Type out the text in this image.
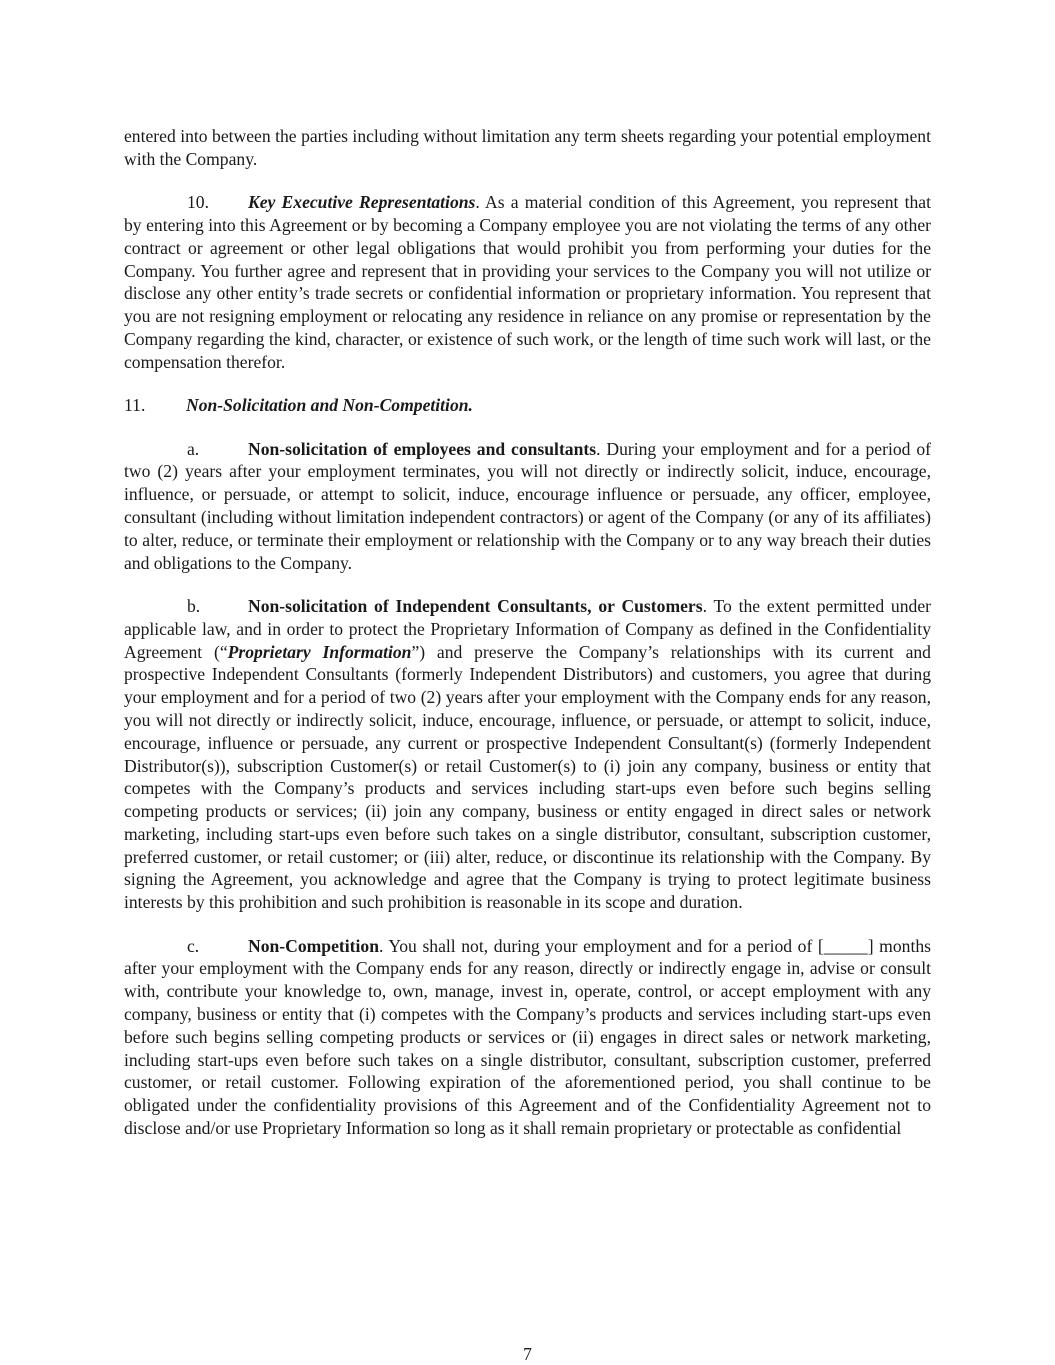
entered into between the parties including without limitation any term sheets regarding your potential employment with the Company.

10. Key Executive Representations. As a material condition of this Agreement, you represent that by entering into this Agreement or by becoming a Company employee you are not violating the terms of any other contract or agreement or other legal obligations that would prohibit you from performing your duties for the Company. You further agree and represent that in providing your services to the Company you will not utilize or disclose any other entity’s trade secrets or confidential information or proprietary information. You represent that you are not resigning employment or relocating any residence in reliance on any promise or representation by the Company regarding the kind, character, or existence of such work, or the length of time such work will last, or the compensation therefor.

11. Non-Solicitation and Non-Competition.

a.	Non-solicitation of employees and consultants. During your employment and for a period of two (2) years after your employment terminates, you will not directly or indirectly solicit, induce, encourage, influence, or persuade, or attempt to solicit, induce, encourage influence or persuade, any officer, employee, consultant (including without limitation independent contractors) or agent of the Company (or any of its affiliates) to alter, reduce, or terminate their employment or relationship with the Company or to any way breach their duties and obligations to the Company.

b.	Non-solicitation of Independent Consultants, or Customers. To the extent permitted under applicable law, and in order to protect the Proprietary Information of Company as defined in the Confidentiality Agreement (“Proprietary Information”) and preserve the Company’s relationships with its current and prospective Independent Consultants (formerly Independent Distributors) and customers, you agree that during your employment and for a period of two (2) years after your employment with the Company ends for any reason, you will not directly or indirectly solicit, induce, encourage, influence, or persuade, or attempt to solicit, induce, encourage, influence or persuade, any current or prospective Independent Consultant(s) (formerly Independent Distributor(s)), subscription Customer(s) or retail Customer(s) to (i) join any company, business or entity that competes with the Company’s products and services including start-ups even before such begins selling competing products or services; (ii) join any company, business or entity engaged in direct sales or network marketing, including start-ups even before such takes on a single distributor, consultant, subscription customer, preferred customer, or retail customer; or (iii) alter, reduce, or discontinue its relationship with the Company. By signing the Agreement, you acknowledge and agree that the Company is trying to protect legitimate business interests by this prohibition and such prohibition is reasonable in its scope and duration.

c.	Non-Competition. You shall not, during your employment and for a period of [_____] months after your employment with the Company ends for any reason, directly or indirectly engage in, advise or consult with, contribute your knowledge to, own, manage, invest in, operate, control, or accept employment with any company, business or entity that (i) competes with the Company’s products and services including start-ups even before such begins selling competing products or services or (ii) engages in direct sales or network marketing, including start-ups even before such takes on a single distributor, consultant, subscription customer, preferred customer, or retail customer. Following expiration of the aforementioned period, you shall continue to be obligated under the confidentiality provisions of this Agreement and of the Confidentiality Agreement not to disclose and/or use Proprietary Information so long as it shall remain proprietary or protectable as confidential

7
